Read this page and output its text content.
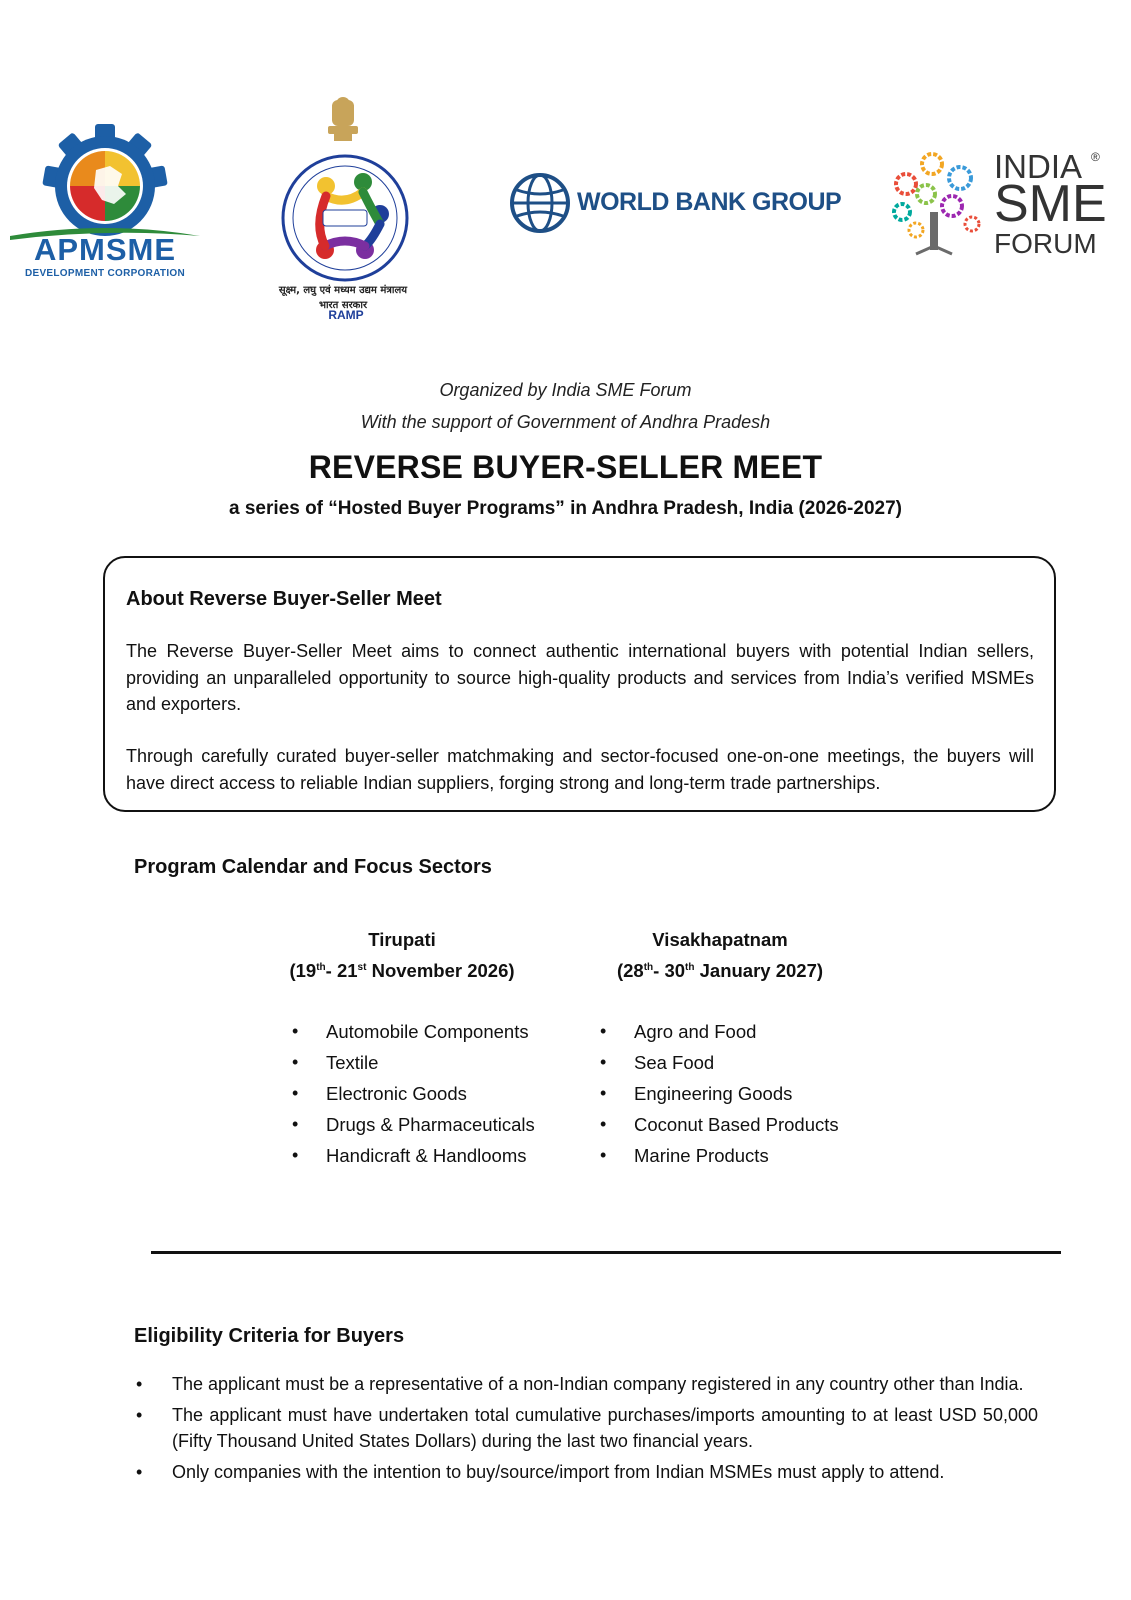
APMSME
DEVELOPMENT CORPORATION
RAMP
सूक्ष्म, लघु एवं मध्यम उद्यम मंत्रालय
भारत सरकार
WORLD BANK GROUP
INDIA ®
SME
FORUM
Organized by India SME Forum
With the support of Government of Andhra Pradesh
REVERSE BUYER-SELLER MEET
a series of “Hosted Buyer Programs” in Andhra Pradesh, India (2026-2027)
About Reverse Buyer-Seller Meet
The Reverse Buyer-Seller Meet aims to connect authentic international buyers with potential Indian sellers, providing an unparalleled opportunity to source high-quality products and services from India’s verified MSMEs and exporters.
Through carefully curated buyer-seller matchmaking and sector-focused one-on-one meetings, the buyers will have direct access to reliable Indian suppliers, forging strong and long-term trade partnerships.
Program Calendar and Focus Sectors
Tirupati
(19th- 21st November 2026)
• Automobile Components
• Textile
• Electronic Goods
• Drugs & Pharmaceuticals
• Handicraft & Handlooms
Visakhapatnam
(28th- 30th January 2027)
• Agro and Food
• Sea Food
• Engineering Goods
• Coconut Based Products
• Marine Products
Eligibility Criteria for Buyers
• The applicant must be a representative of a non-Indian company registered in any country other than India.
• The applicant must have undertaken total cumulative purchases/imports amounting to at least USD 50,000 (Fifty Thousand United States Dollars) during the last two financial years.
• Only companies with the intention to buy/source/import from Indian MSMEs must apply to attend.
